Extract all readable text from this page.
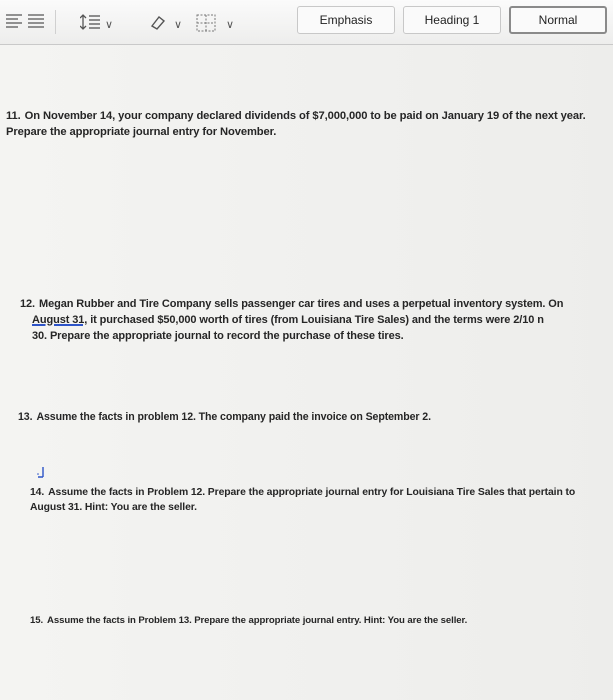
∨	∨	∨	Emphasis	Heading 1	Normal
11. On November 14, your company declared dividends of $7,000,000 to be paid on January 19 of the next year. Prepare the appropriate journal entry for November.
12. Megan Rubber and Tire Company sells passenger car tires and uses a perpetual inventory system. On
August 31, it purchased $50,000 worth of tires (from Louisiana Tire Sales) and the terms were 2/10 n
30. Prepare the appropriate journal to record the purchase of these tires.
13. Assume the facts in problem 12. The company paid the invoice on September 2.
14. Assume the facts in Problem 12. Prepare the appropriate journal entry for Louisiana Tire Sales that pertain to August 31. Hint: You are the seller.
15. Assume the facts in Problem 13. Prepare the appropriate journal entry. Hint: You are the seller.
